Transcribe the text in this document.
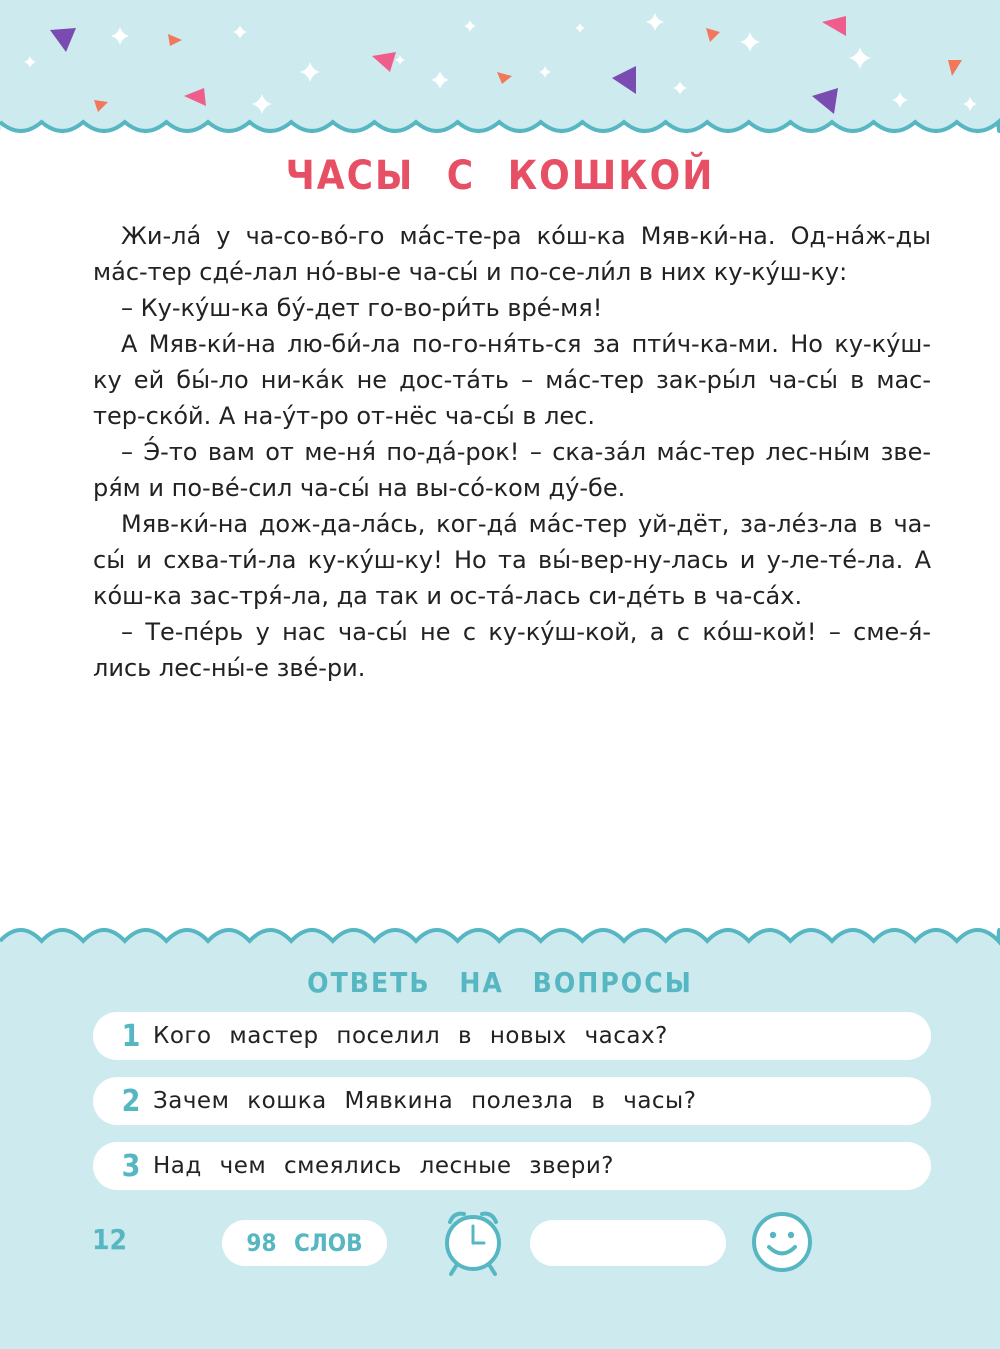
ЧАСЫ С КОШКОЙ

Жи-ла́ у ча-со-во́-го ма́с-те-ра ко́ш-ка Мяв-ки́-на. Од-на́ж-ды ма́с-тер сде́-лал но́-вы-е ча-сы́ и по-се-ли́л в них ку-ку́ш-ку:

– Ку-ку́ш-ка бу́-дет го-во-ри́ть вре́-мя!

А Мяв-ки́-на лю-би́-ла по-го-ня́ть-ся за пти́ч-ка-ми. Но ку-ку́ш-ку ей бы́-ло ни-ка́к не дос-та́ть – ма́с-тер зак-ры́л ча-сы́ в мас-тер-ско́й. А на-у́т-ро от-нёс ча-сы́ в лес.

– Э́-то вам от ме-ня́ по-да́-рок! – ска-за́л ма́с-тер лес-ны́м зве-ря́м и по-ве́-сил ча-сы́ на вы-со́-ком ду́-бе.

Мяв-ки́-на дож-да-ла́сь, ког-да́ ма́с-тер уй-дёт, за-ле́з-ла в ча-сы́ и схва-ти́-ла ку-ку́ш-ку! Но та вы́-вер-ну-лась и у-ле-те́-ла. А ко́ш-ка зас-тря́-ла, да так и ос-та́-лась си-де́ть в ча-са́х.

– Те-пе́рь у нас ча-сы́ не с ку-ку́ш-кой, а с ко́ш-кой! – сме-я́-лись лес-ны́-е зве́-ри.

ОТВЕТЬ НА ВОПРОСЫ
1 Кого мастер поселил в новых часах?
2 Зачем кошка Мявкина полезла в часы?
3 Над чем смеялись лесные звери?
12	98 СЛОВ
